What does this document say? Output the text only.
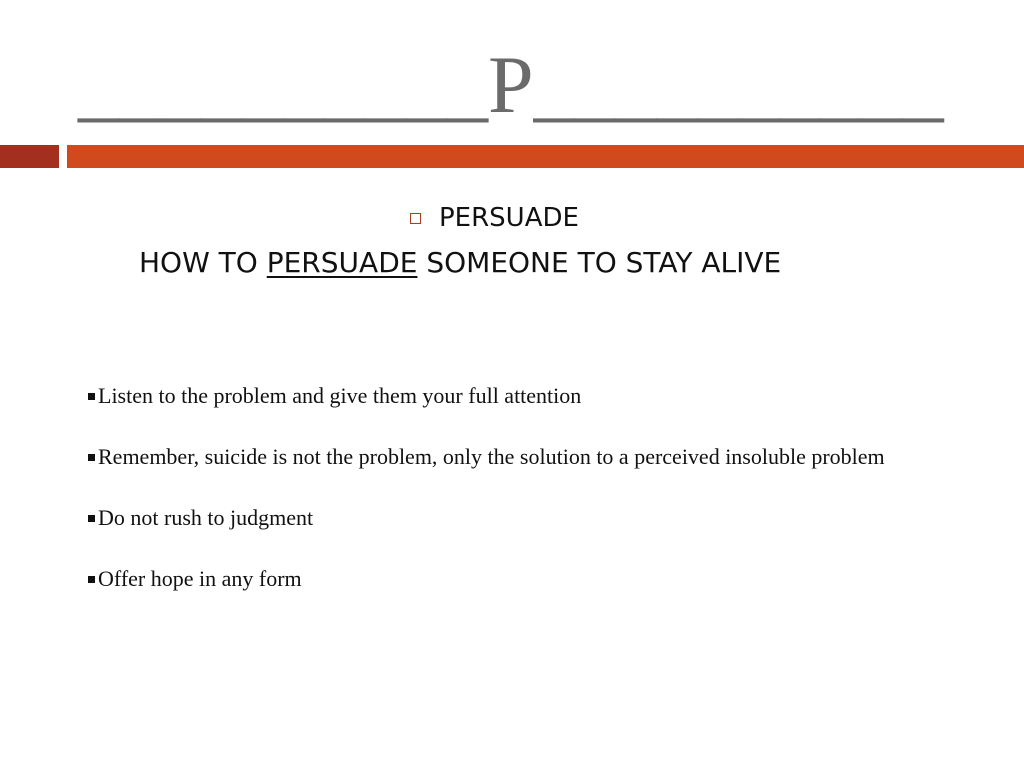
__________P__________
PERSUADE
HOW TO PERSUADE SOMEONE TO STAY ALIVE
Listen to the problem and give them your full attention
Remember, suicide is not the problem, only the solution to a perceived insoluble problem
Do not rush to judgment
Offer hope in any form
